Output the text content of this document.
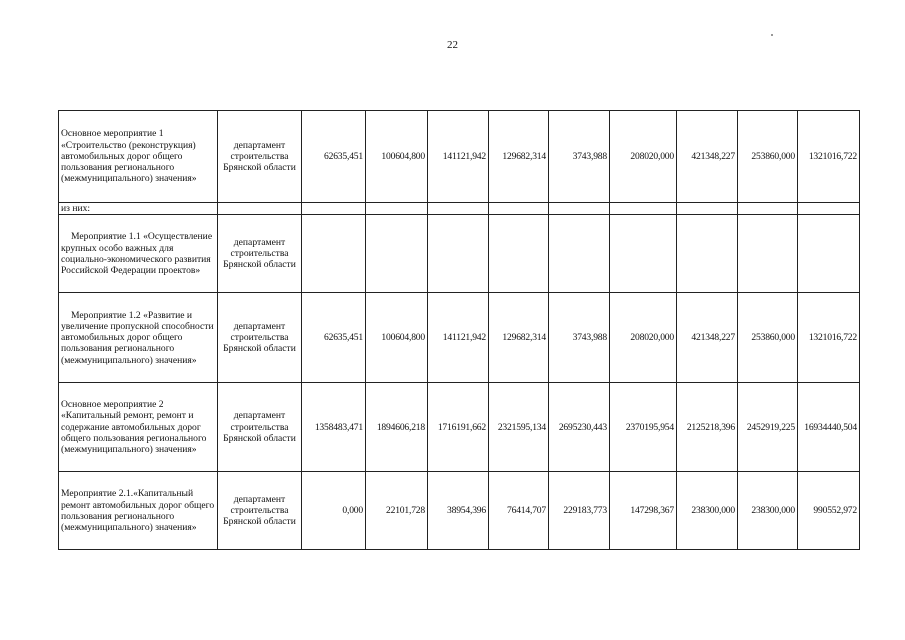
22
Основное мероприятие 1 «Строительство (реконструкция) автомобильных дорог общего пользования регионального (межмуниципального) значения»	департамент строительства Брянской области	62635,451	100604,800	141121,942	129682,314	3743,988	208020,000	421348,227	253860,000	1321016,722
из них:										
Мероприятие 1.1 «Осуществление крупных особо важных для социально-экономического развития Российской Федерации проектов»	департамент строительства Брянской области									
Мероприятие 1.2 «Развитие и увеличение пропускной способности автомобильных дорог общего пользования регионального (межмуниципального) значения»	департамент строительства Брянской области	62635,451	100604,800	141121,942	129682,314	3743,988	208020,000	421348,227	253860,000	1321016,722
Основное мероприятие 2 «Капитальный ремонт, ремонт и содержание автомобильных дорог общего пользования регионального (межмуниципального) значения»	департамент строительства Брянской области	1358483,471	1894606,218	1716191,662	2321595,134	2695230,443	2370195,954	2125218,396	2452919,225	16934440,504
Мероприятие 2.1.«Капитальный ремонт автомобильных дорог общего пользования регионального (межмуниципального) значения»	департамент строительства Брянской области	0,000	22101,728	38954,396	76414,707	229183,773	147298,367	238300,000	238300,000	990552,972
